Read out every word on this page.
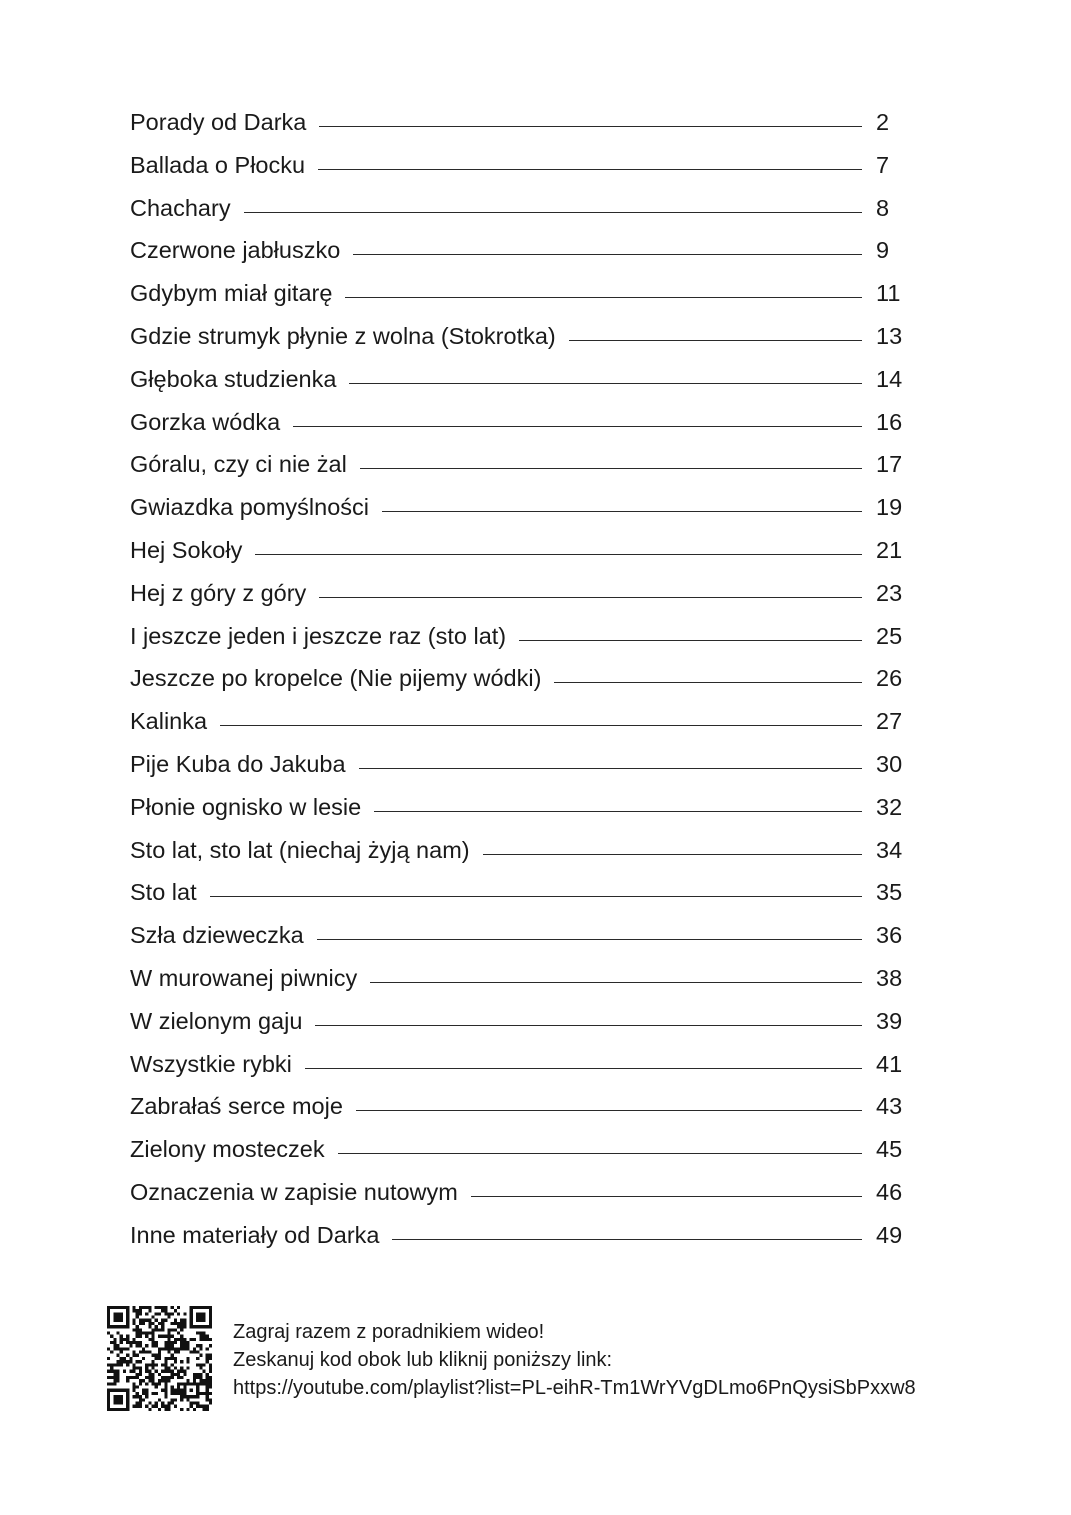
Porady od Darka	2
Ballada o Płocku	7
Chachary	8
Czerwone jabłuszko	9
Gdybym miał gitarę	11
Gdzie strumyk płynie z wolna (Stokrotka)	13
Głęboka studzienka	14
Gorzka wódka	16
Góralu, czy ci nie żal	17
Gwiazdka pomyślności	19
Hej Sokoły	21
Hej z góry z góry	23
I jeszcze jeden i jeszcze raz (sto lat)	25
Jeszcze po kropelce (Nie pijemy wódki)	26
Kalinka	27
Pije Kuba do Jakuba	30
Płonie ognisko w lesie	32
Sto lat, sto lat (niechaj żyją nam)	34
Sto lat	35
Szła dzieweczka	36
W murowanej piwnicy	38
W zielonym gaju	39
Wszystkie rybki	41
Zabrałaś serce moje	43
Zielony mosteczek	45
Oznaczenia w zapisie nutowym	46
Inne materiały od Darka	49
Zagraj razem z poradnikiem wideo!
Zeskanuj kod obok lub kliknij poniższy link:
https://youtube.com/playlist?list=PL-eihR-Tm1WrYVgDLmo6PnQysiSbPxxw8
